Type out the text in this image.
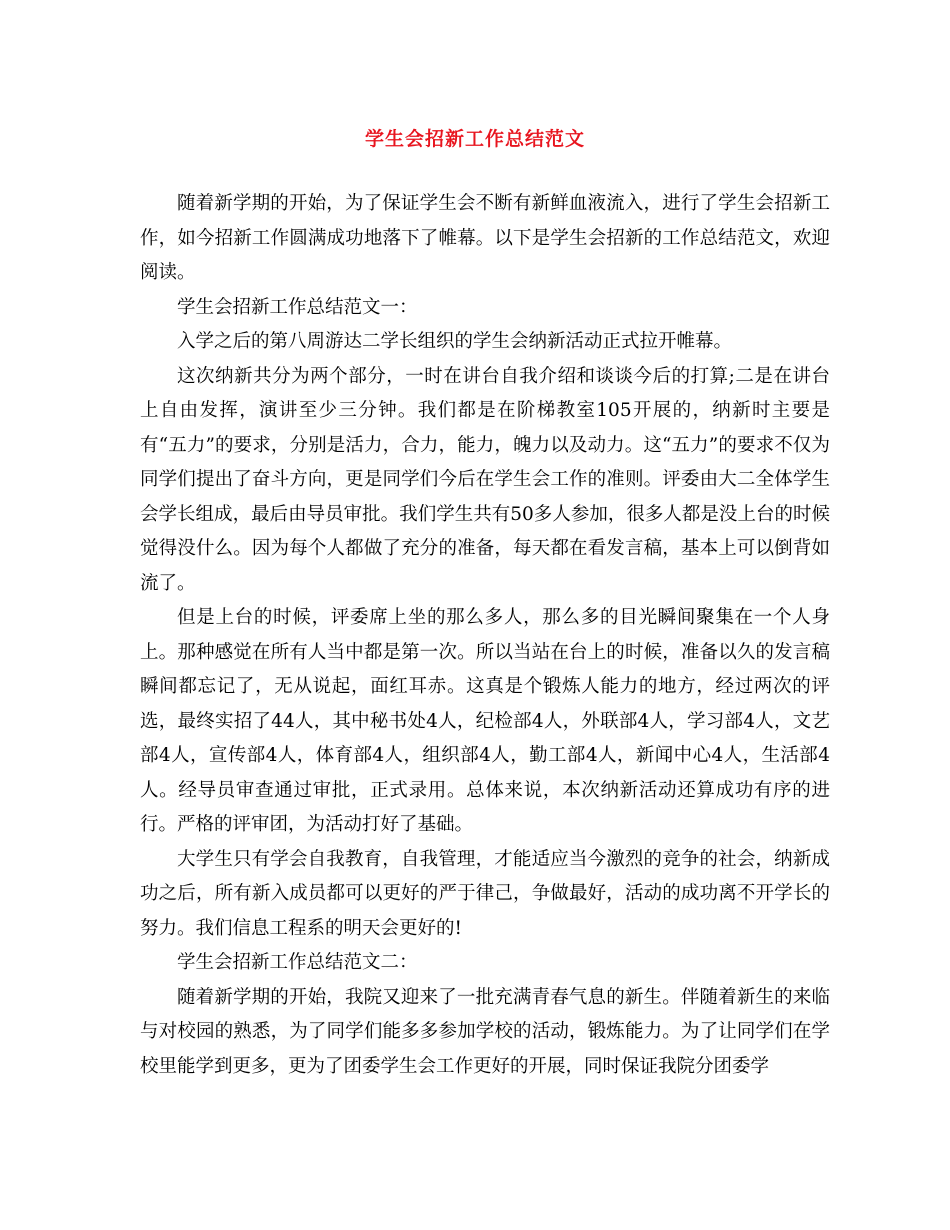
学生会招新工作总结范文

随着新学期的开始，为了保证学生会不断有新鲜血液流入，进行了学生会招新工作，如今招新工作圆满成功地落下了帷幕。以下是学生会招新的工作总结范文，欢迎阅读。

学生会招新工作总结范文一：

入学之后的第八周游达二学长组织的学生会纳新活动正式拉开帷幕。

这次纳新共分为两个部分，一时在讲台自我介绍和谈谈今后的打算;二是在讲台上自由发挥，演讲至少三分钟。我们都是在阶梯教室105开展的，纳新时主要是有“五力”的要求，分别是活力，合力，能力，魄力以及动力。这“五力”的要求不仅为同学们提出了奋斗方向，更是同学们今后在学生会工作的准则。评委由大二全体学生会学长组成，最后由导员审批。我们学生共有50多人参加，很多人都是没上台的时候觉得没什么。因为每个人都做了充分的准备，每天都在看发言稿，基本上可以倒背如流了。

但是上台的时候，评委席上坐的那么多人，那么多的目光瞬间聚集在一个人身上。那种感觉在所有人当中都是第一次。所以当站在台上的时候，准备以久的发言稿瞬间都忘记了，无从说起，面红耳赤。这真是个锻炼人能力的地方，经过两次的评选，最终实招了44人，其中秘书处4人，纪检部4人，外联部4人，学习部4人，文艺部4人，宣传部4人，体育部4人，组织部4人，勤工部4人，新闻中心4人，生活部4人。经导员审查通过审批，正式录用。总体来说，本次纳新活动还算成功有序的进行。严格的评审团，为活动打好了基础。

大学生只有学会自我教育，自我管理，才能适应当今激烈的竞争的社会，纳新成功之后，所有新入成员都可以更好的严于律己，争做最好，活动的成功离不开学长的努力。我们信息工程系的明天会更好的!

学生会招新工作总结范文二：

随着新学期的开始，我院又迎来了一批充满青春气息的新生。伴随着新生的来临与对校园的熟悉，为了同学们能多多参加学校的活动，锻炼能力。为了让同学们在学校里能学到更多，更为了团委学生会工作更好的开展，同时保证我院分团委学
